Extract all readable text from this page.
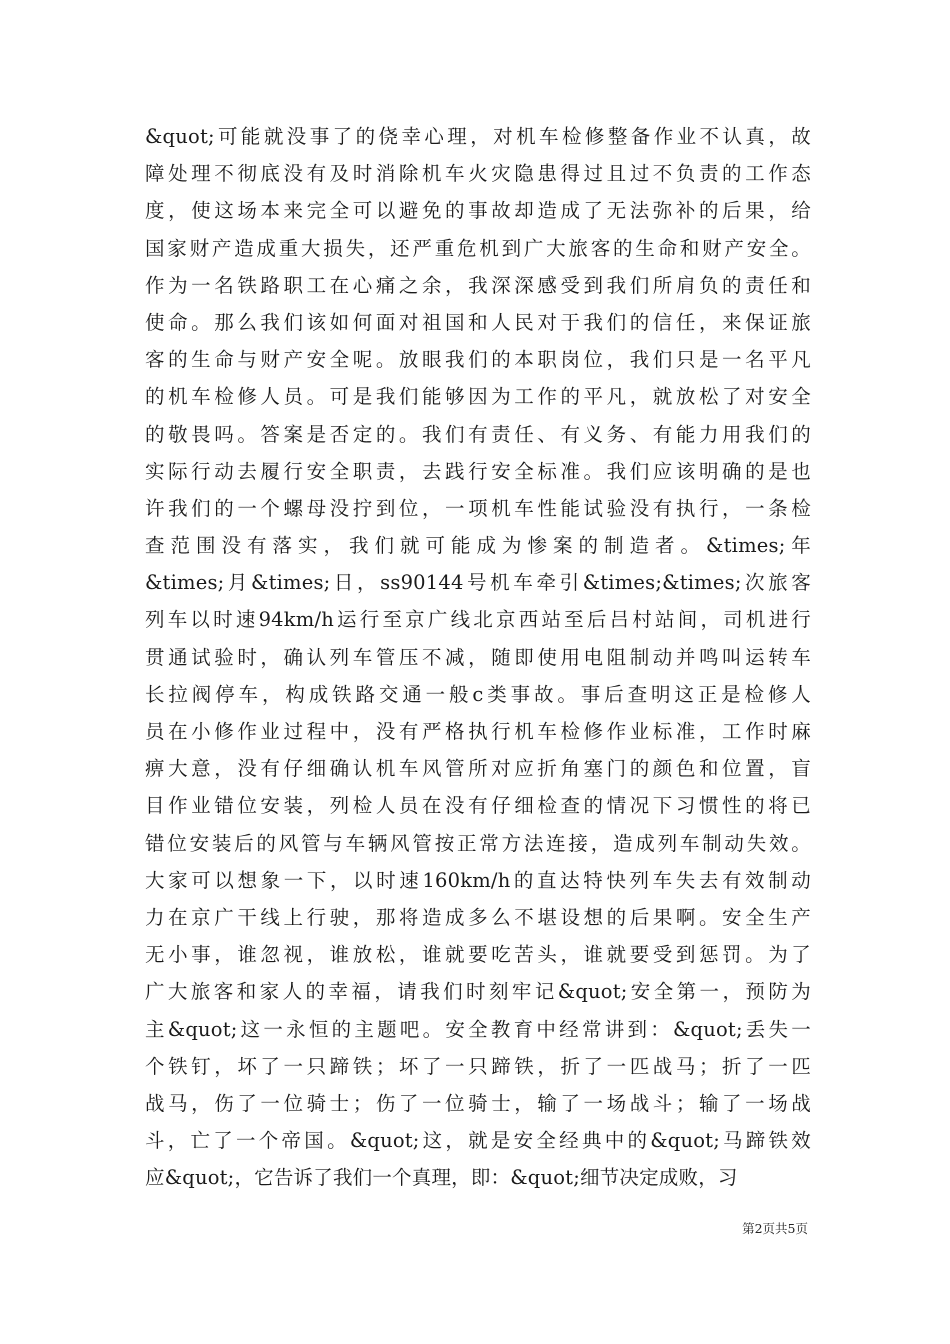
&quot;可能就没事了的侥幸心理，对机车检修整备作业不认真，故
障处理不彻底没有及时消除机车火灾隐患得过且过不负责的工作态
度，使这场本来完全可以避免的事故却造成了无法弥补的后果，给
国家财产造成重大损失，还严重危机到广大旅客的生命和财产安全。
作为一名铁路职工在心痛之余，我深深感受到我们所肩负的责任和
使命。那么我们该如何面对祖国和人民对于我们的信任，来保证旅
客的生命与财产安全呢。放眼我们的本职岗位，我们只是一名平凡
的机车检修人员。可是我们能够因为工作的平凡，就放松了对安全
的敬畏吗。答案是否定的。我们有责任、有义务、有能力用我们的
实际行动去履行安全职责，去践行安全标准。我们应该明确的是也
许我们的一个螺母没拧到位，一项机车性能试验没有执行，一条检
查范围没有落实，我们就可能成为惨案的制造者。&times;年
&times;月&times;日，ss90144号机车牵引&times;&times;次旅客
列车以时速94km/h运行至京广线北京西站至后吕村站间，司机进行
贯通试验时，确认列车管压不减，随即使用电阻制动并鸣叫运转车
长拉阀停车，构成铁路交通一般c类事故。事后查明这正是检修人
员在小修作业过程中，没有严格执行机车检修作业标准，工作时麻
痹大意，没有仔细确认机车风管所对应折角塞门的颜色和位置，盲
目作业错位安装，列检人员在没有仔细检查的情况下习惯性的将已
错位安装后的风管与车辆风管按正常方法连接，造成列车制动失效。
大家可以想象一下，以时速160km/h的直达特快列车失去有效制动
力在京广干线上行驶，那将造成多么不堪设想的后果啊。安全生产
无小事，谁忽视，谁放松，谁就要吃苦头，谁就要受到惩罚。为了
广大旅客和家人的幸福，请我们时刻牢记&quot;安全第一，预防为
主&quot;这一永恒的主题吧。安全教育中经常讲到：&quot;丢失一
个铁钉，坏了一只蹄铁；坏了一只蹄铁，折了一匹战马；折了一匹
战马，伤了一位骑士；伤了一位骑士，输了一场战斗；输了一场战
斗，亡了一个帝国。&quot;这，就是安全经典中的&quot;马蹄铁效
应&quot;，它告诉了我们一个真理，即：&quot;细节决定成败，习
第2页共5页
